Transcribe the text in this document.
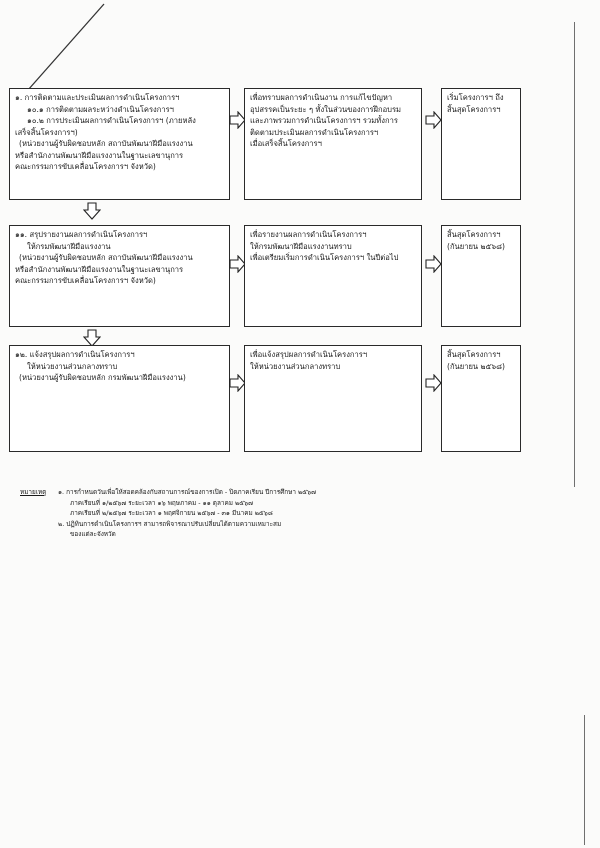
๑. การติดตามและประเมินผลการดำเนินโครงการฯ
๑๐.๑ การติดตามผลระหว่างดำเนินโครงการฯ
๑๐.๒ การประเมินผลการดำเนินโครงการฯ (ภายหลัง
เสร็จสิ้นโครงการฯ)
(หน่วยงานผู้รับผิดชอบหลัก สถาบันพัฒนาฝีมือแรงงาน
หรือสำนักงานพัฒนาฝีมือแรงงานในฐานะเลขานุการ
คณะกรรมการขับเคลื่อนโครงการฯ จังหวัด)
เพื่อทราบผลการดำเนินงาน การแก้ไขปัญหา
อุปสรรคเป็นระยะ ๆ ทั้งในส่วนของการฝึกอบรม
และภาพรวมการดำเนินโครงการฯ รวมทั้งการ
ติดตามประเมินผลการดำเนินโครงการฯ
เมื่อเสร็จสิ้นโครงการฯ
เริ่มโครงการฯ ถึง
สิ้นสุดโครงการฯ
๑๑. สรุปรายงานผลการดำเนินโครงการฯ
ให้กรมพัฒนาฝีมือแรงงาน
(หน่วยงานผู้รับผิดชอบหลัก สถาบันพัฒนาฝีมือแรงงาน
หรือสำนักงานพัฒนาฝีมือแรงงานในฐานะเลขานุการ
คณะกรรมการขับเคลื่อนโครงการฯ จังหวัด)
เพื่อรายงานผลการดำเนินโครงการฯ
ให้กรมพัฒนาฝีมือแรงงานทราบ
เพื่อเตรียมเริ่มการดำเนินโครงการฯ ในปีต่อไป
สิ้นสุดโครงการฯ
(กันยายน ๒๕๖๘)
๑๒. แจ้งสรุปผลการดำเนินโครงการฯ
ให้หน่วยงานส่วนกลางทราบ
(หน่วยงานผู้รับผิดชอบหลัก กรมพัฒนาฝีมือแรงงาน)
เพื่อแจ้งสรุปผลการดำเนินโครงการฯ
ให้หน่วยงานส่วนกลางทราบ
สิ้นสุดโครงการฯ
(กันยายน ๒๕๖๘)
หมายเหตุ ๑. การกำหนดวันเพื่อให้สอดคล้องกับสถานการณ์ของการเปิด - ปิดภาคเรียน ปีการศึกษา ๒๕๖๗
ภาคเรียนที่ ๑/๒๕๖๗ ระยะเวลา ๑๖ พฤษภาคม - ๑๑ ตุลาคม ๒๕๖๗
ภาคเรียนที่ ๒/๒๕๖๗ ระยะเวลา ๑ พฤศจิกายน ๒๕๖๗ - ๓๑ มีนาคม ๒๕๖๘
๒. ปฏิทินการดำเนินโครงการฯ สามารถพิจารณาปรับเปลี่ยนได้ตามความเหมาะสม
ของแต่ละจังหวัด
